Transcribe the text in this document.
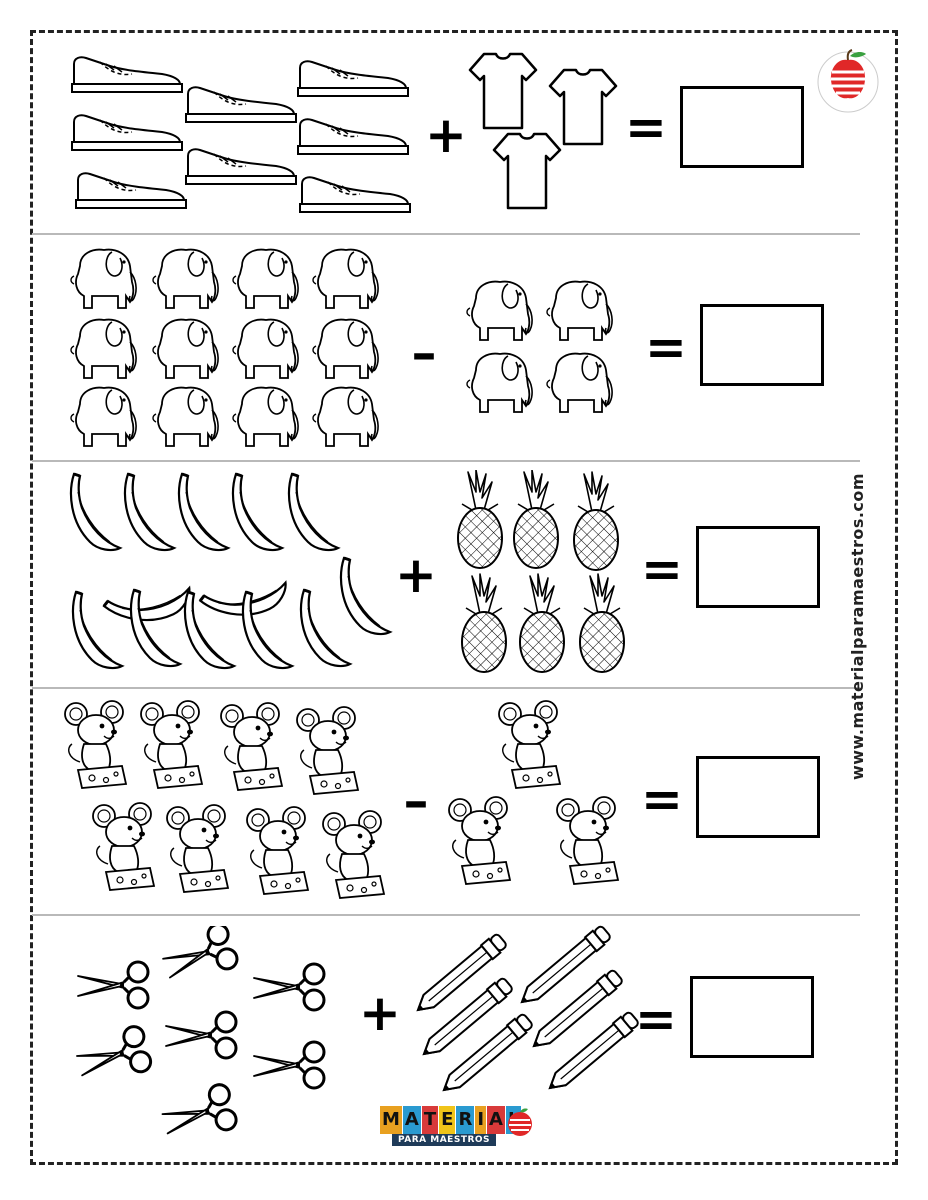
+	=
–	=
+	=
–	=
+	=
www.materialparamaestros.com
M A T E R I A
PARA MAESTROS
